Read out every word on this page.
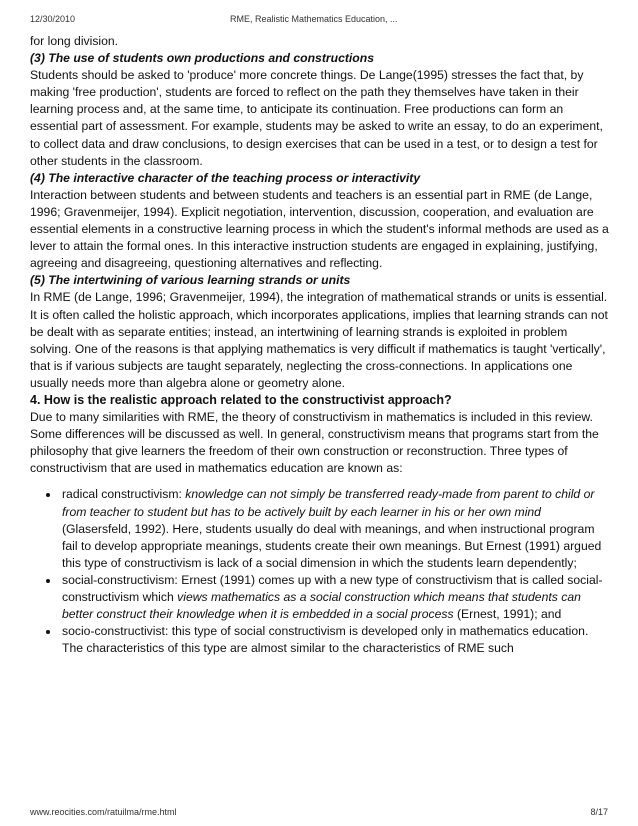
12/30/2010	RME, Realistic Mathematics Education, ...

for long division.

(3) The use of students own productions and constructions

Students should be asked to 'produce' more concrete things. De Lange(1995) stresses the fact that, by making 'free production', students are forced to reflect on the path they themselves have taken in their learning process and, at the same time, to anticipate its continuation. Free productions can form an essential part of assessment. For example, students may be asked to write an essay, to do an experiment, to collect data and draw conclusions, to design exercises that can be used in a test, or to design a test for other students in the classroom.

(4) The interactive character of the teaching process or interactivity

Interaction between students and between students and teachers is an essential part in RME (de Lange, 1996; Gravenmeijer, 1994). Explicit negotiation, intervention, discussion, cooperation, and evaluation are essential elements in a constructive learning process in which the student's informal methods are used as a lever to attain the formal ones. In this interactive instruction students are engaged in explaining, justifying, agreeing and disagreeing, questioning alternatives and reflecting.

(5) The intertwining of various learning strands or units

In RME (de Lange, 1996; Gravenmeijer, 1994), the integration of mathematical strands or units is essential. It is often called the holistic approach, which incorporates applications, implies that learning strands can not be dealt with as separate entities; instead, an intertwining of learning strands is exploited in problem solving. One of the reasons is that applying mathematics is very difficult if mathematics is taught 'vertically', that is if various subjects are taught separately, neglecting the cross-connections. In applications one usually needs more than algebra alone or geometry alone.

4. How is the realistic approach related to the constructivist approach?

Due to many similarities with RME, the theory of constructivism in mathematics is included in this review. Some differences will be discussed as well. In general, constructivism means that programs start from the philosophy that give learners the freedom of their own construction or reconstruction. Three types of constructivism that are used in mathematics education are known as:

• radical constructivism: knowledge can not simply be transferred ready-made from parent to child or from teacher to student but has to be actively built by each learner in his or her own mind (Glasersfeld, 1992). Here, students usually do deal with meanings, and when instructional program fail to develop appropriate meanings, students create their own meanings. But Ernest (1991) argued this type of constructivism is lack of a social dimension in which the students learn dependently;
• social-constructivism: Ernest (1991) comes up with a new type of constructivism that is called social-constructivism which views mathematics as a social construction which means that students can better construct their knowledge when it is embedded in a social process (Ernest, 1991); and
• socio-constructivist: this type of social constructivism is developed only in mathematics education. The characteristics of this type are almost similar to the characteristics of RME such
www.reocities.com/ratuilma/rme.html	8/17
